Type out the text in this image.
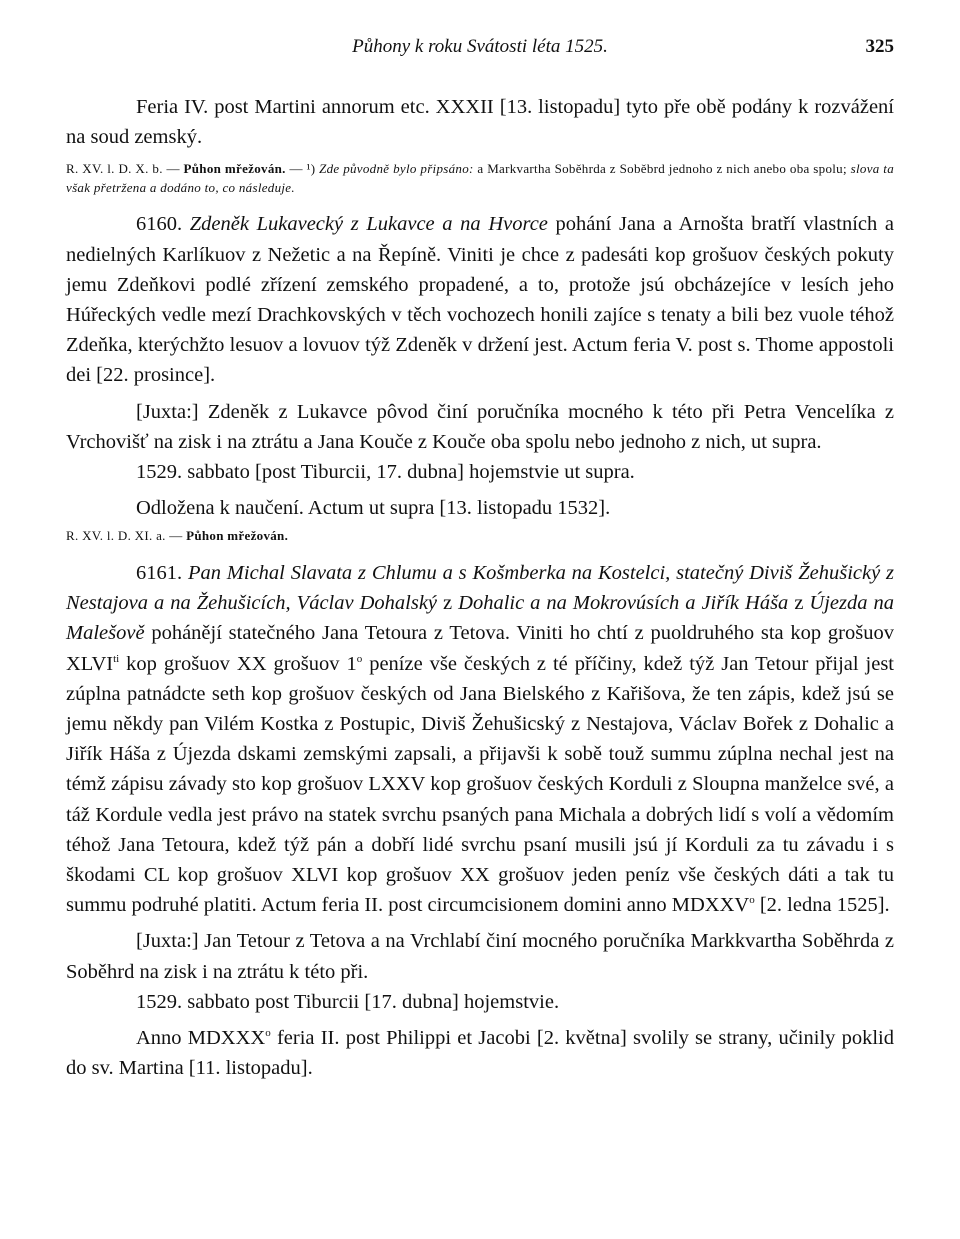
Půhony k roku Svátosti léta 1525.	325

Feria IV. post Martini annorum etc. XXXII [13. listopadu] tyto pře obě podány k rozvážení na soud zemský.

R. XV. l. D. X. b. — Půhon mřežován. — ¹) Zde původně bylo připsáno: a Markvartha Soběhrda z Soběbrd jednoho z nich anebo oba spolu; slova ta však přetržena a dodáno to, co následuje.

6160. Zdeněk Lukavecký z Lukavce a na Hvorce pohání Jana a Arnošta bratří vlastních a nedielných Karlíkuov z Nežetic a na Řepíně. Viniti je chce z padesáti kop grošuov českých pokuty jemu Zdeňkovi podlé zřízení zemského propadené, a to, protože jsú obcházejíce v lesích jeho Húřeckých vedle mezí Drachkovských v těch vochozech honili zajíce s tenaty a bili bez vuole téhož Zdeňka, kterýchžto lesuov a lovuov týž Zdeněk v držení jest. Actum feria V. post s. Thome appostoli dei [22. prosince].

[Juxta:] Zdeněk z Lukavce pôvod činí poručníka mocného k této při Petra Vencelíka z Vrchovišť na zisk i na ztrátu a Jana Kouče z Kouče oba spolu nebo jednoho z nich, ut supra.

1529. sabbato [post Tiburcii, 17. dubna] hojemstvie ut supra.

Odložena k naučení. Actum ut supra [13. listopadu 1532].

R. XV. l. D. XI. a. — Půhon mřežován.

6161. Pan Michal Slavata z Chlumu a s Košmberka na Kostelci, statečný Diviš Žehušický z Nestajova a na Žehušicích, Václav Dohalský z Dohalic a na Mokrovúsích a Jiřík Háša z Újezda na Malešově pohánějí statečného Jana Tetoura z Tetova. Viniti ho chtí z puoldruhého sta kop grošuov $XLVI^{ti}$ kop grošuov XX grošuov 1$^o$ peníze vše českých z té příčiny, kdež týž Jan Tetour přijal jest zúplna patnádcte seth kop grošuov českých od Jana Bielského z Kařišova, že ten zápis, kdež jsú se jemu někdy pan Vilém Kostka z Postupic, Diviš Žehušicský z Nestajova, Václav Bořek z Dohalic a Jiřík Háša z Újezda dskami zemskými zapsali, a přijavši k sobě touž summu zúplna nechal jest na témž zápisu závady sto kop grošuov LXXV kop grošuov českých Korduli z Sloupna manželce své, a táž Kordule vedla jest právo na statek svrchu psaných pana Michala a dobrých lidí s volí a vědomím téhož Jana Tetoura, kdež týž pán a dobří lidé svrchu psaní musili jsú jí Korduli za tu závadu i s škodami CL kop grošuov XLVI kop grošuov XX grošuov jeden peníz vše českých dáti a tak tu summu podruhé platiti. Actum feria II. post circumcisionem domini anno MDXXV$^o$ [2. ledna 1525].

[Juxta:] Jan Tetour z Tetova a na Vrchlabí činí mocného poručníka Markkvartha Soběhrda z Soběhrd na zisk i na ztrátu k této při.

1529. sabbato post Tiburcii [17. dubna] hojemstvie.

Anno MDXXX$^o$ feria II. post Philippi et Jacobi [2. května] svolily se strany, učinily poklid do sv. Martina [11. listopadu].
